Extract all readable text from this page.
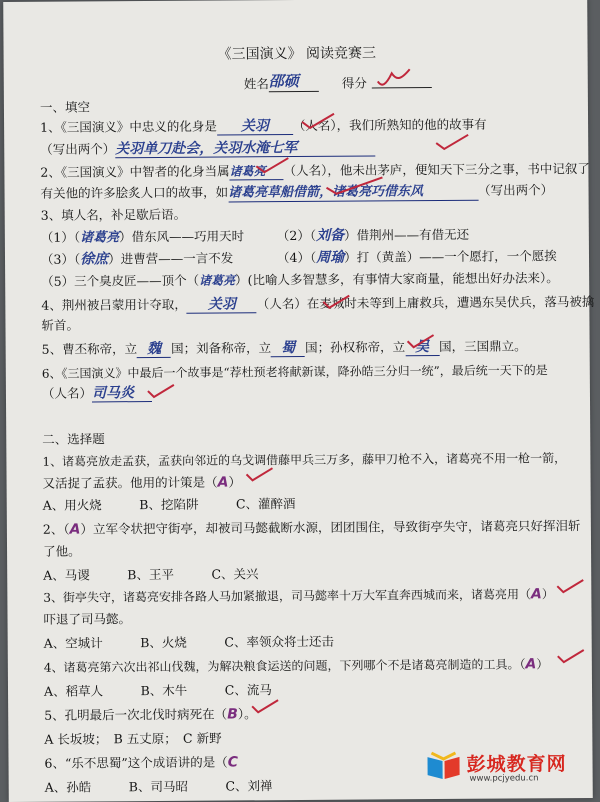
《三国演义》 阅读竞赛三
姓名 邵硕	得分
一、填空
1、《三国演义》中忠义的化身是 关羽 （人名），我们所熟知的他的故事有
（写出两个）关羽单刀赴会，关羽水淹七军
2、《三国演义》中智者的化身当属诸葛亮 （人名），他未出茅庐，便知天下三分之事，书中记叙了
有关他的许多脍炙人口的故事，如诸葛亮草船借箭，诸葛亮巧借东风	（写出两个）
3、填人名，补足歇后语。
（1）（诸葛亮）借东风——巧用天时	（2）（刘备）借荆州——有借无还
（3）（徐庶）进曹营——一言不发	（4）（周瑜）打（黄盖）——一个愿打，一个愿挨
（5）三个臭皮匠——顶个（诸葛亮）(比喻人多智慧多，有事情大家商量，能想出好办法来）。
4、荆州被吕蒙用计夺取， 关羽 （人名）在麦城时未等到上庸救兵，遭遇东吴伏兵，落马被擒
斩首。
5、曹丕称帝，立 魏 国；刘备称帝，立 蜀 国；孙权称帝，立 吴 国，三国鼎立。
6、《三国演义》中最后一个故事是“荐杜预老将献新谋，降孙皓三分归一统”，最后统一天下的是
（人名）司马炎
二、选择题
1、诸葛亮放走孟获，孟获向邻近的乌戈调借藤甲兵三万多，藤甲刀枪不入，诸葛亮不用一枪一箭，
又活捉了孟获。他用的计策是（A）
A、用火烧　　　B、挖陷阱　　　C、灌醉酒
2、（A）立军令状把守街亭，却被司马懿截断水源，团团围住，导致街亭失守，诸葛亮只好挥泪斩
了他。
A、马谡　　　B、王平　　　C、关兴
3、街亭失守，诸葛亮安排各路人马加紧撤退，司马懿率十万大军直奔西城而来，诸葛亮用（A）
吓退了司马懿。
A、空城计　　　B、火烧　　　C、率领众将士还击
4、诸葛亮第六次出祁山伐魏，为解决粮食运送的问题，下列哪个不是诸葛亮制造的工具。（A）
A、稻草人　　　B、木牛　　　C、流马
5、孔明最后一次北伐时病死在（B）。
A 长坂坡；　B 五丈原；　C 新野
6、“乐不思蜀”这个成语讲的是（C
A、孙皓　　　B、司马昭　　　C、刘禅
彭城教育网
www.pcjyedu.cn
